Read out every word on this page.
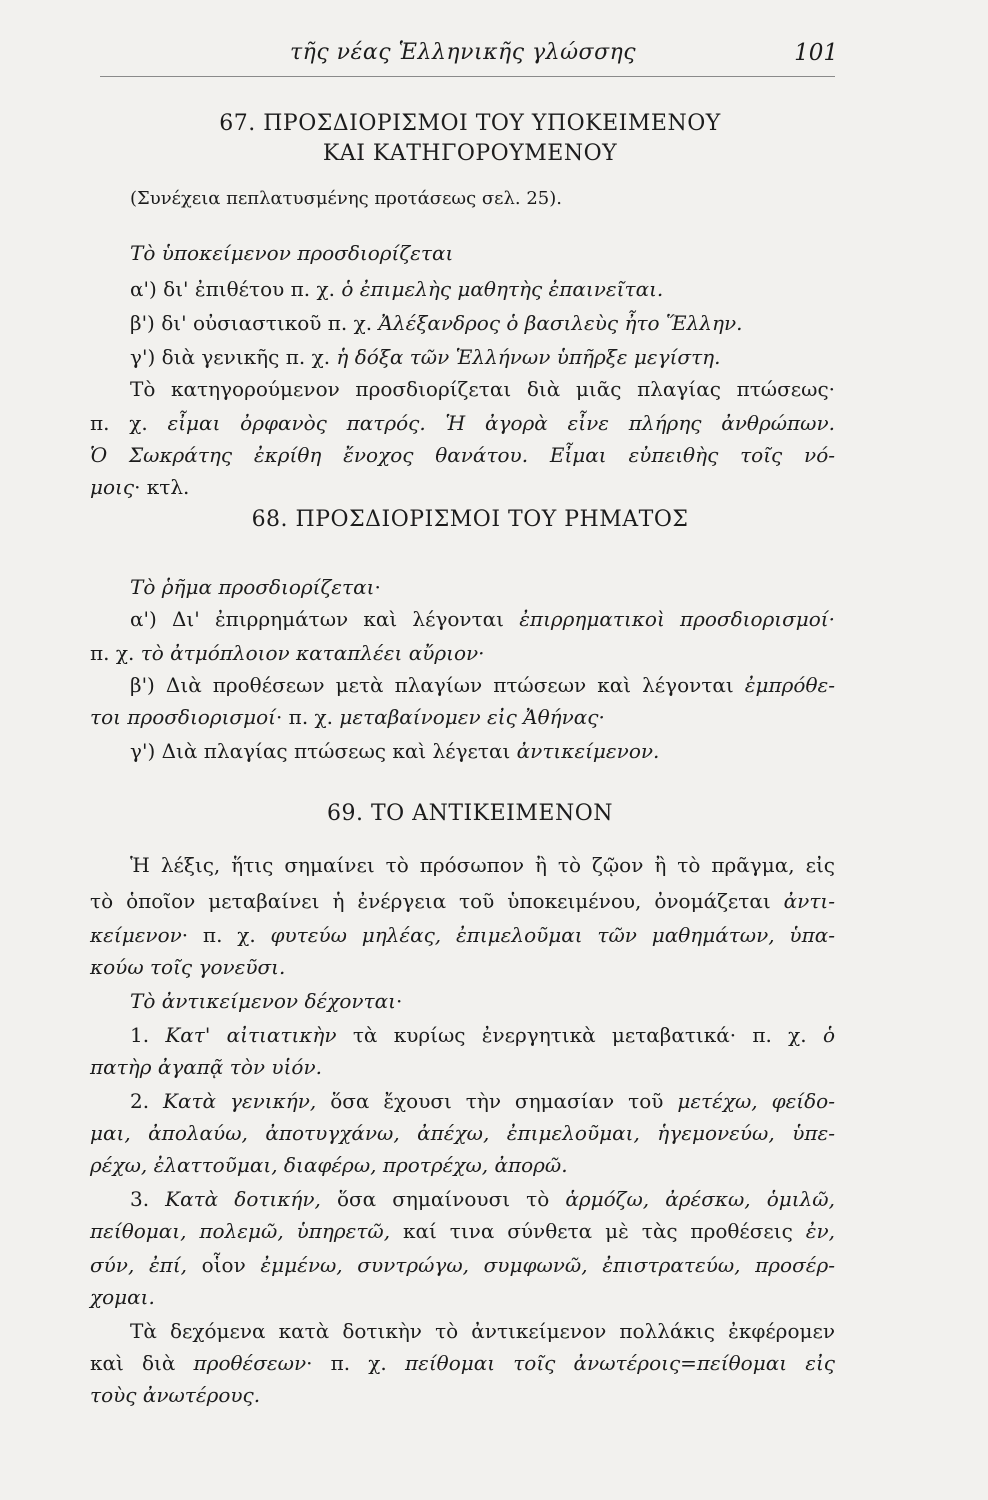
τῆς νέας Ἑλληνικῆς γλώσσης	101
67. ΠΡΟΣΔΙΟΡΙΣΜΟΙ ΤΟΥ ΥΠΟΚΕΙΜΕΝΟΥ
ΚΑΙ ΚΑΤΗΓΟΡΟΥΜΕΝΟΥ
(Συνέχεια πεπλατυσμένης προτάσεως σελ. 25).
Τὸ ὑποκείμενον προσδιορίζεται
α') δι' ἐπιθέτου π. χ. ὁ ἐπιμελὴς μαθητὴς ἐπαινεῖται.
β') δι' οὐσιαστικοῦ π. χ. Ἀλέξανδρος ὁ βασιλεὺς ἦτο Ἕλλην.
γ') διὰ γενικῆς π. χ. ἡ δόξα τῶν Ἑλλήνων ὑπῆρξε μεγίστη.
Τὸ κατηγορούμενον προσδιορίζεται διὰ μιᾶς πλαγίας πτώσεως·
π. χ. εἶμαι ὀρφανὸς πατρός. Ἡ ἀγορὰ εἶνε πλήρης ἀνθρώπων.
Ὁ Σωκράτης ἐκρίθη ἔνοχος θανάτου. Εἶμαι εὐπειθὴς τοῖς νό-
μοις· κτλ.
68. ΠΡΟΣΔΙΟΡΙΣΜΟΙ ΤΟΥ ΡΗΜΑΤΟΣ
Τὸ ῥῆμα προσδιορίζεται·
α') Δι' ἐπιρρημάτων καὶ λέγονται ἐπιρρηματικοὶ προσδιορισμοί·
π. χ. τὸ ἀτμόπλοιον καταπλέει αὔριον·
β') Διὰ προθέσεων μετὰ πλαγίων πτώσεων καὶ λέγονται ἐμπρόθε-
τοι προσδιορισμοί· π. χ. μεταβαίνομεν εἰς Ἀθήνας·
γ') Διὰ πλαγίας πτώσεως καὶ λέγεται ἀντικείμενον.
69. ΤΟ ΑΝΤΙΚΕΙΜΕΝΟΝ
Ἡ λέξις, ἥτις σημαίνει τὸ πρόσωπον ἢ τὸ ζῷον ἢ τὸ πρᾶγμα, εἰς
τὸ ὁποῖον μεταβαίνει ἡ ἐνέργεια τοῦ ὑποκειμένου, ὀνομάζεται ἀντι-
κείμενον· π. χ. φυτεύω μηλέας, ἐπιμελοῦμαι τῶν μαθημάτων, ὑπα-
κούω τοῖς γονεῦσι.
Τὸ ἀντικείμενον δέχονται·
1. Κατ' αἰτιατικὴν τὰ κυρίως ἐνεργητικὰ μεταβατικά· π. χ. ὁ
πατὴρ ἀγαπᾷ τὸν υἱόν.
2. Κατὰ γενικήν, ὅσα ἔχουσι τὴν σημασίαν τοῦ μετέχω, φείδο-
μαι, ἀπολαύω, ἀποτυγχάνω, ἀπέχω, ἐπιμελοῦμαι, ἡγεμονεύω, ὑπε-
ρέχω, ἐλαττοῦμαι, διαφέρω, προτρέχω, ἀπορῶ.
3. Κατὰ δοτικήν, ὅσα σημαίνουσι τὸ ἁρμόζω, ἀρέσκω, ὁμιλῶ,
πείθομαι, πολεμῶ, ὑπηρετῶ, καί τινα σύνθετα μὲ τὰς προθέσεις ἐν,
σύν, ἐπί, οἷον ἐμμένω, συντρώγω, συμφωνῶ, ἐπιστρατεύω, προσέρ-
χομαι.
Τὰ δεχόμενα κατὰ δοτικὴν τὸ ἀντικείμενον πολλάκις ἐκφέρομεν
καὶ διὰ προθέσεων· π. χ. πείθομαι τοῖς ἀνωτέροις=πείθομαι εἰς
τοὺς ἀνωτέρους.
